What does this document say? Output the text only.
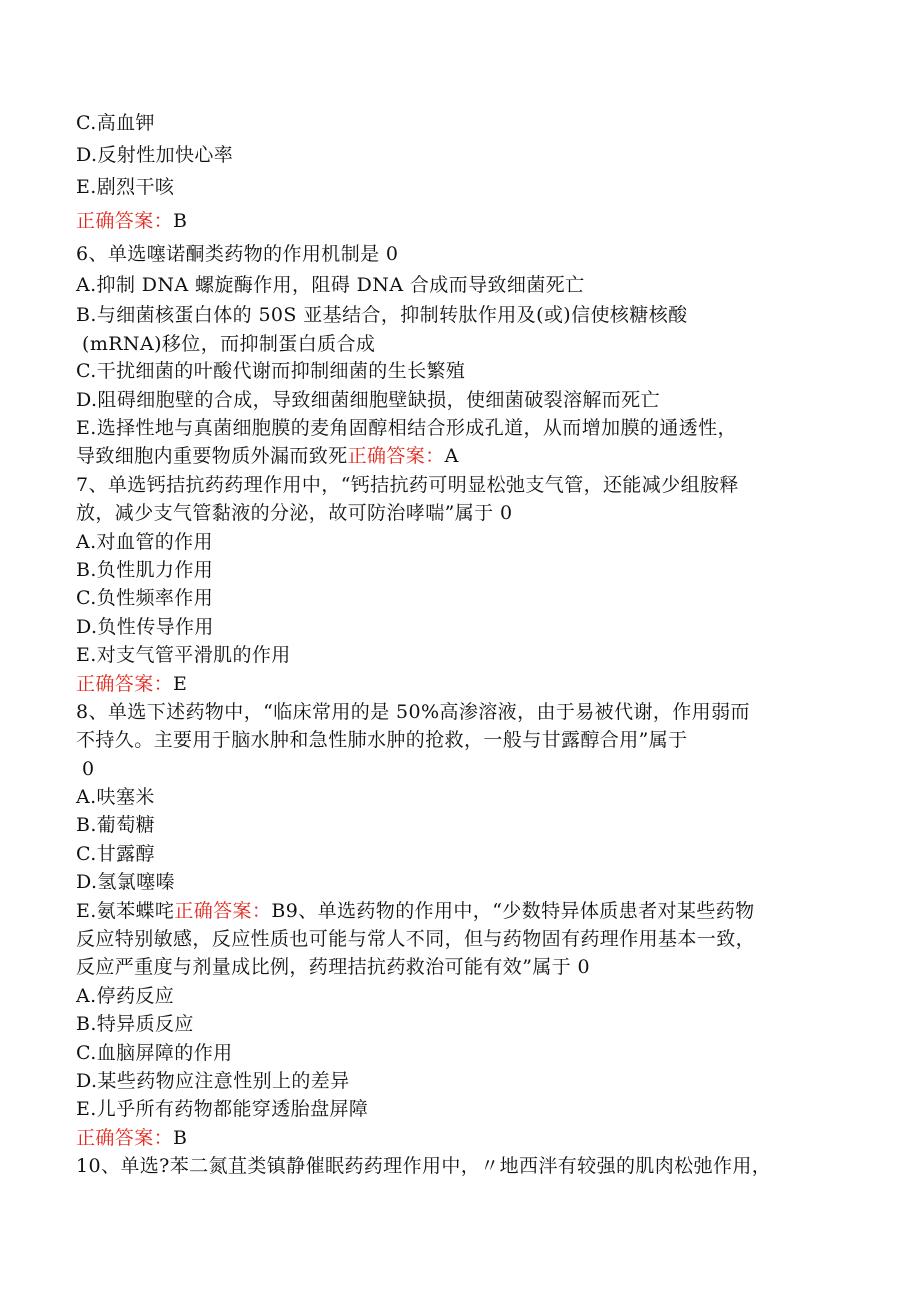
C.高血钾
D.反射性加快心率
E.剧烈干咳
正确答案：B
6、单选噻诺酮类药物的作用机制是 0
A.抑制 DNA 螺旋酶作用，阻碍 DNA 合成而导致细菌死亡
B.与细菌核蛋白体的 50S 亚基结合，抑制转肽作用及(或)信使核糖核酸
(mRNA)移位，而抑制蛋白质合成
C.干扰细菌的叶酸代谢而抑制细菌的生长繁殖
D.阻碍细胞壁的合成，导致细菌细胞壁缺损，使细菌破裂溶解而死亡
E.选择性地与真菌细胞膜的麦角固醇相结合形成孔道，从而增加膜的通透性，
导致细胞内重要物质外漏而致死正确答案：A
7、单选钙拮抗药药理作用中，“钙拮抗药可明显松弛支气管，还能减少组胺释
放，减少支气管黏液的分泌，故可防治哮喘”属于 0
A.对血管的作用
B.负性肌力作用
C.负性频率作用
D.负性传导作用
E.对支气管平滑肌的作用
正确答案：E
8、单选下述药物中，“临床常用的是 50%高渗溶液，由于易被代谢，作用弱而
不持久。主要用于脑水肿和急性肺水肿的抢救，一般与甘露醇合用”属于
0
A.呋塞米
B.葡萄糖
C.甘露醇
D.氢氯噻嗪
E.氨苯蝶咤正确答案：B9、单选药物的作用中，“少数特异体质患者对某些药物
反应特别敏感，反应性质也可能与常人不同，但与药物固有药理作用基本一致，
反应严重度与剂量成比例，药理拮抗药救治可能有效”属于 0
A.停药反应
B.特异质反应
C.血脑屏障的作用
D.某些药物应注意性别上的差异
E.儿乎所有药物都能穿透胎盘屏障
正确答案：B
10、单选?苯二氮苴类镇静催眠药药理作用中，〃地西泮有较强的肌肉松弛作用，
